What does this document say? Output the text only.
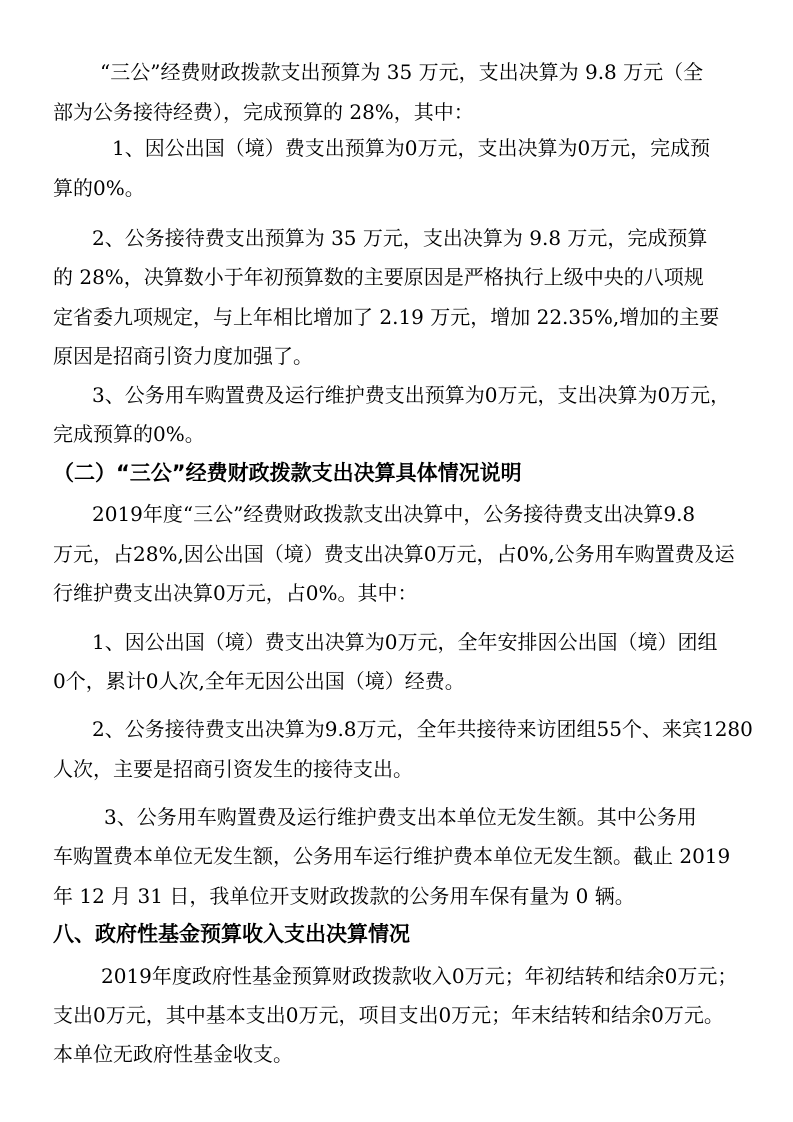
“三公”经费财政拨款支出预算为 35 万元，支出决算为 9.8 万元（全
部为公务接待经费），完成预算的 28%，其中：
1、因公出国（境）费支出预算为0万元，支出决算为0万元，完成预
算的0%。
2、公务接待费支出预算为 35 万元，支出决算为 9.8 万元，完成预算
的 28%，决算数小于年初预算数的主要原因是严格执行上级中央的八项规
定省委九项规定，与上年相比增加了 2.19 万元，增加 22.35%,增加的主要
原因是招商引资力度加强了。
3、公务用车购置费及运行维护费支出预算为0万元，支出决算为0万元，
完成预算的0%。
（二）“三公”经费财政拨款支出决算具体情况说明
2019年度“三公”经费财政拨款支出决算中，公务接待费支出决算9.8
万元，占28%,因公出国（境）费支出决算0万元，占0%,公务用车购置费及运
行维护费支出决算0万元，占0%。其中：
1、因公出国（境）费支出决算为0万元，全年安排因公出国（境）团组
0个，累计0人次,全年无因公出国（境）经费。
2、公务接待费支出决算为9.8万元，全年共接待来访团组55个、来宾1280
人次，主要是招商引资发生的接待支出。
3、公务用车购置费及运行维护费支出本单位无发生额。其中公务用
车购置费本单位无发生额，公务用车运行维护费本单位无发生额。截止 2019
年 12 月 31 日，我单位开支财政拨款的公务用车保有量为 0 辆。
八、政府性基金预算收入支出决算情况
2019年度政府性基金预算财政拨款收入0万元；年初结转和结余0万元；
支出0万元，其中基本支出0万元，项目支出0万元；年末结转和结余0万元。
本单位无政府性基金收支。
